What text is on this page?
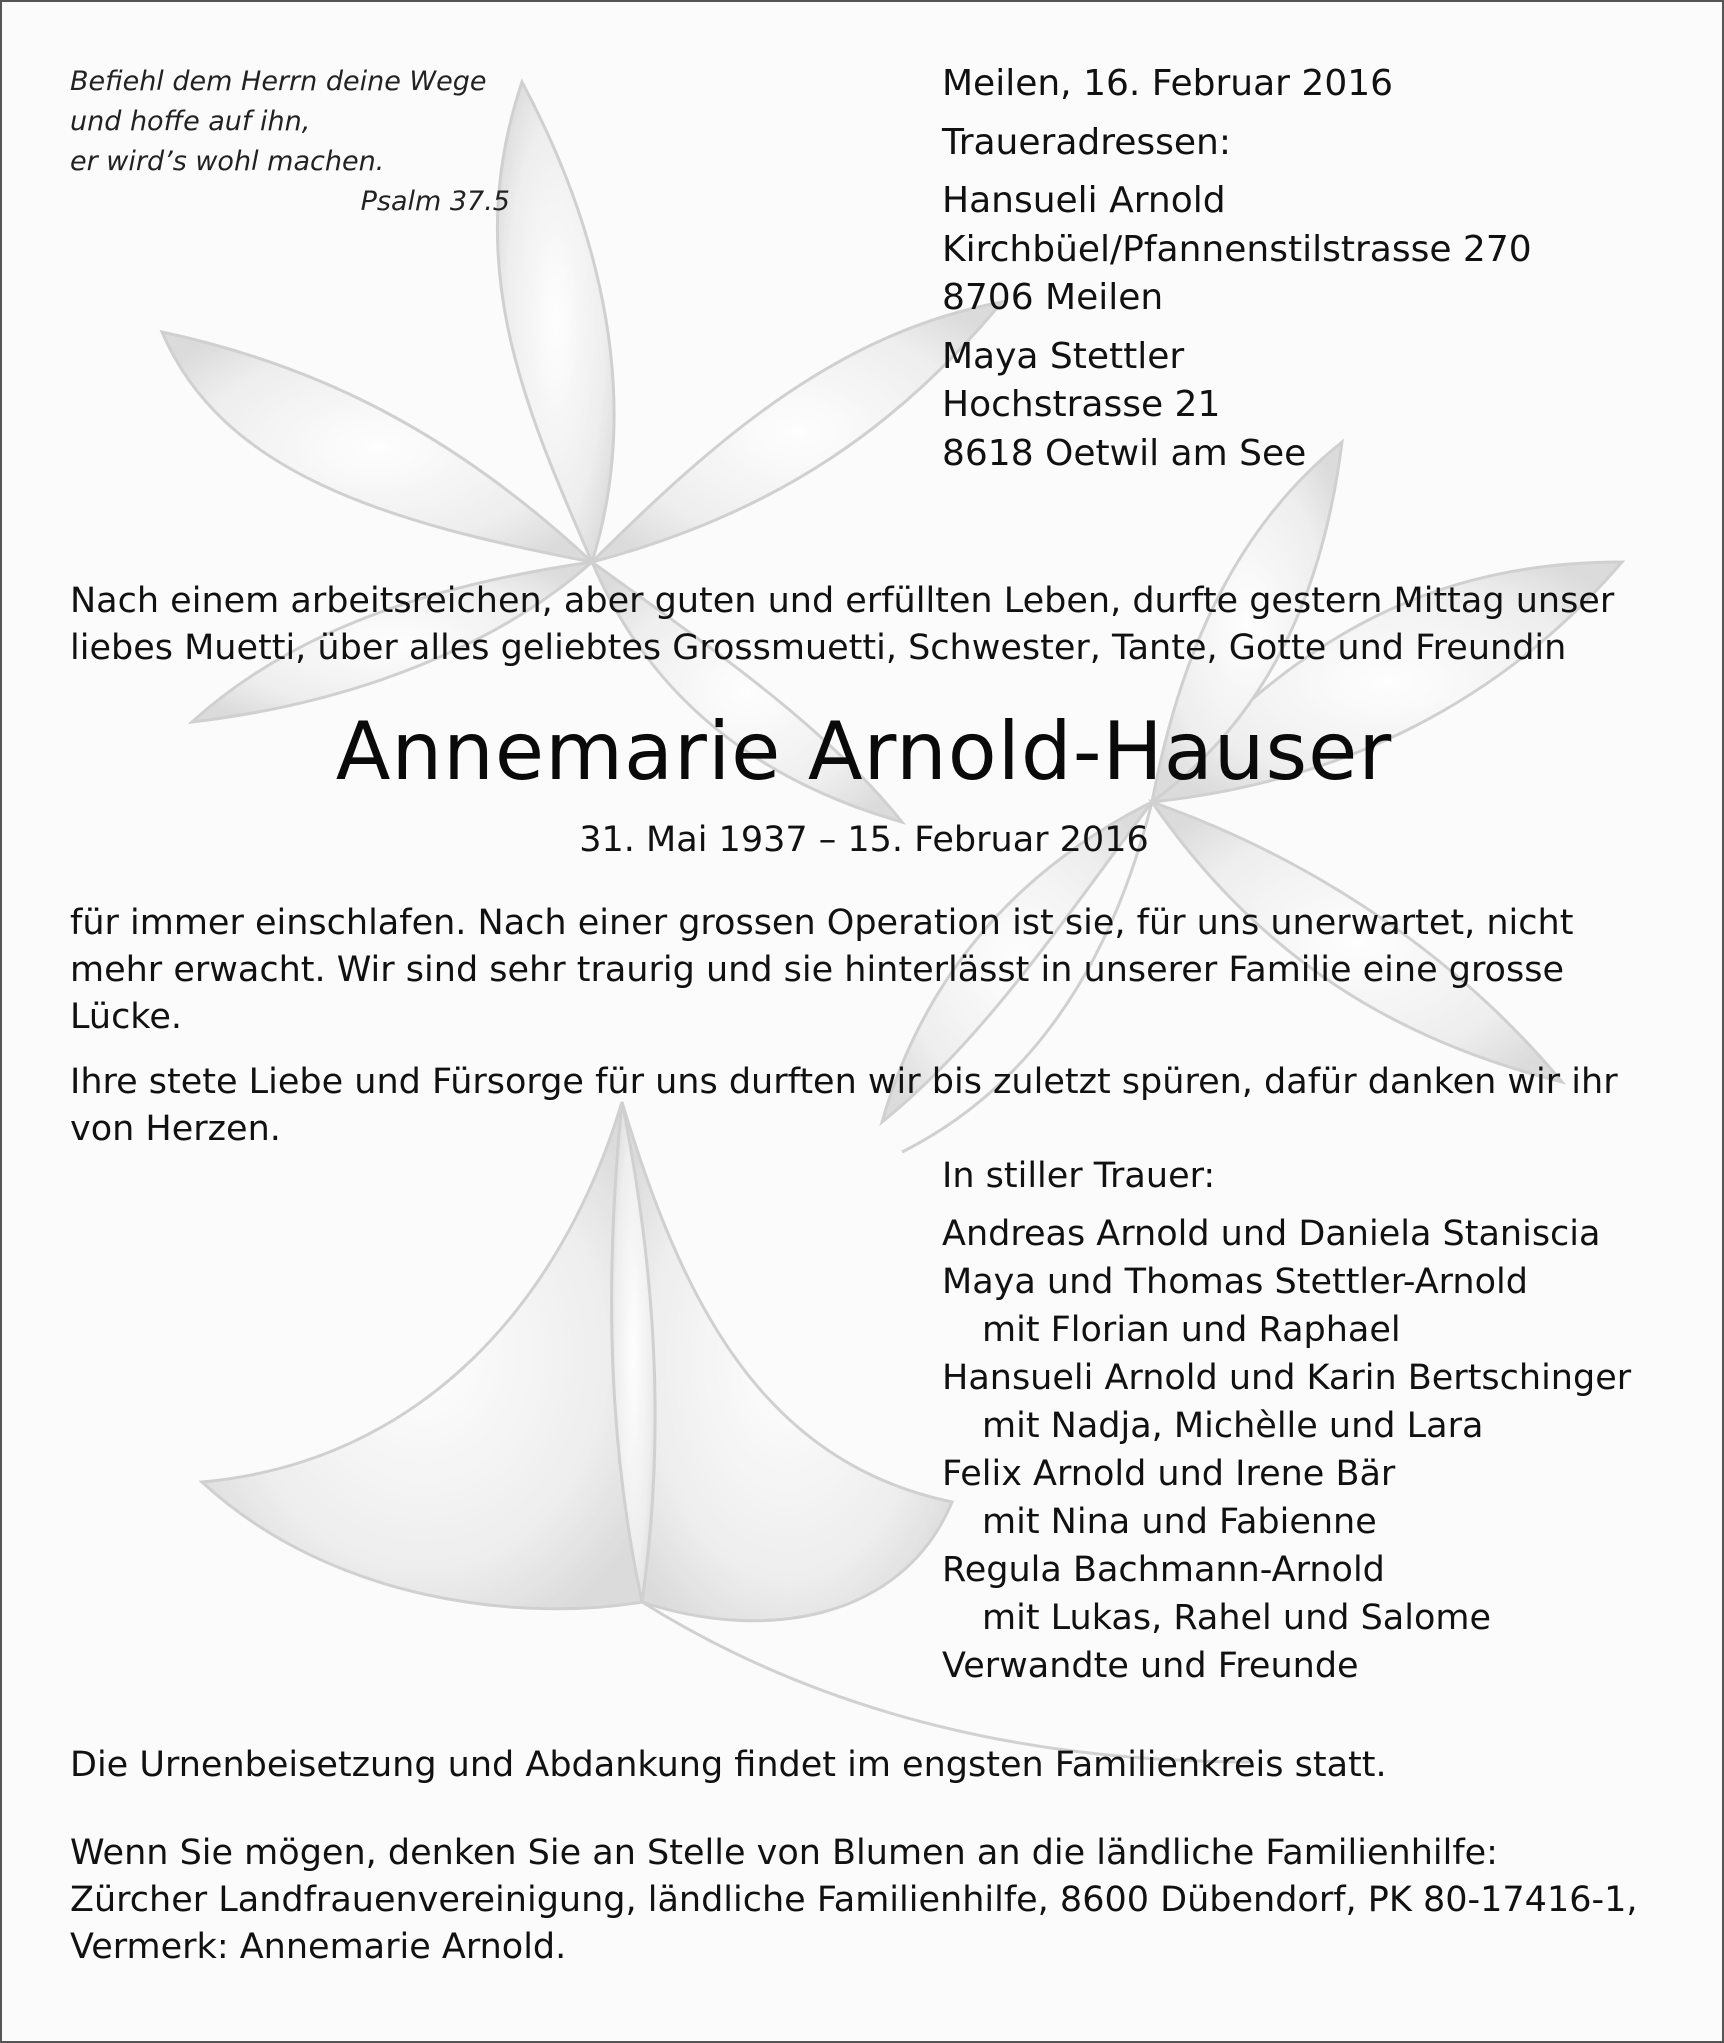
Befiehl dem Herrn deine Wege
und hoffe auf ihn,
er wird’s wohl machen.
Psalm 37.5
Meilen, 16. Februar 2016
Traueradressen:
Hansueli Arnold
Kirchbüel/Pfannenstilstrasse 270
8706 Meilen
Maya Stettler
Hochstrasse 21
8618 Oetwil am See
Nach einem arbeitsreichen, aber guten und erfüllten Leben, durfte gestern Mittag unser
liebes Muetti, über alles geliebtes Grossmuetti, Schwester, Tante, Gotte und Freundin
Annemarie Arnold-Hauser
31. Mai 1937 – 15. Februar 2016
für immer einschlafen. Nach einer grossen Operation ist sie, für uns unerwartet, nicht
mehr erwacht. Wir sind sehr traurig und sie hinterlässt in unserer Familie eine grosse
Lücke.
Ihre stete Liebe und Fürsorge für uns durften wir bis zuletzt spüren, dafür danken wir ihr
von Herzen.
In stiller Trauer:
Andreas Arnold und Daniela Staniscia
Maya und Thomas Stettler-Arnold
mit Florian und Raphael
Hansueli Arnold und Karin Bertschinger
mit Nadja, Michèlle und Lara
Felix Arnold und Irene Bär
mit Nina und Fabienne
Regula Bachmann-Arnold
mit Lukas, Rahel und Salome
Verwandte und Freunde
Die Urnenbeisetzung und Abdankung findet im engsten Familienkreis statt.
Wenn Sie mögen, denken Sie an Stelle von Blumen an die ländliche Familienhilfe:
Zürcher Landfrauenvereinigung, ländliche Familienhilfe, 8600 Dübendorf, PK 80-17416-1,
Vermerk: Annemarie Arnold.
